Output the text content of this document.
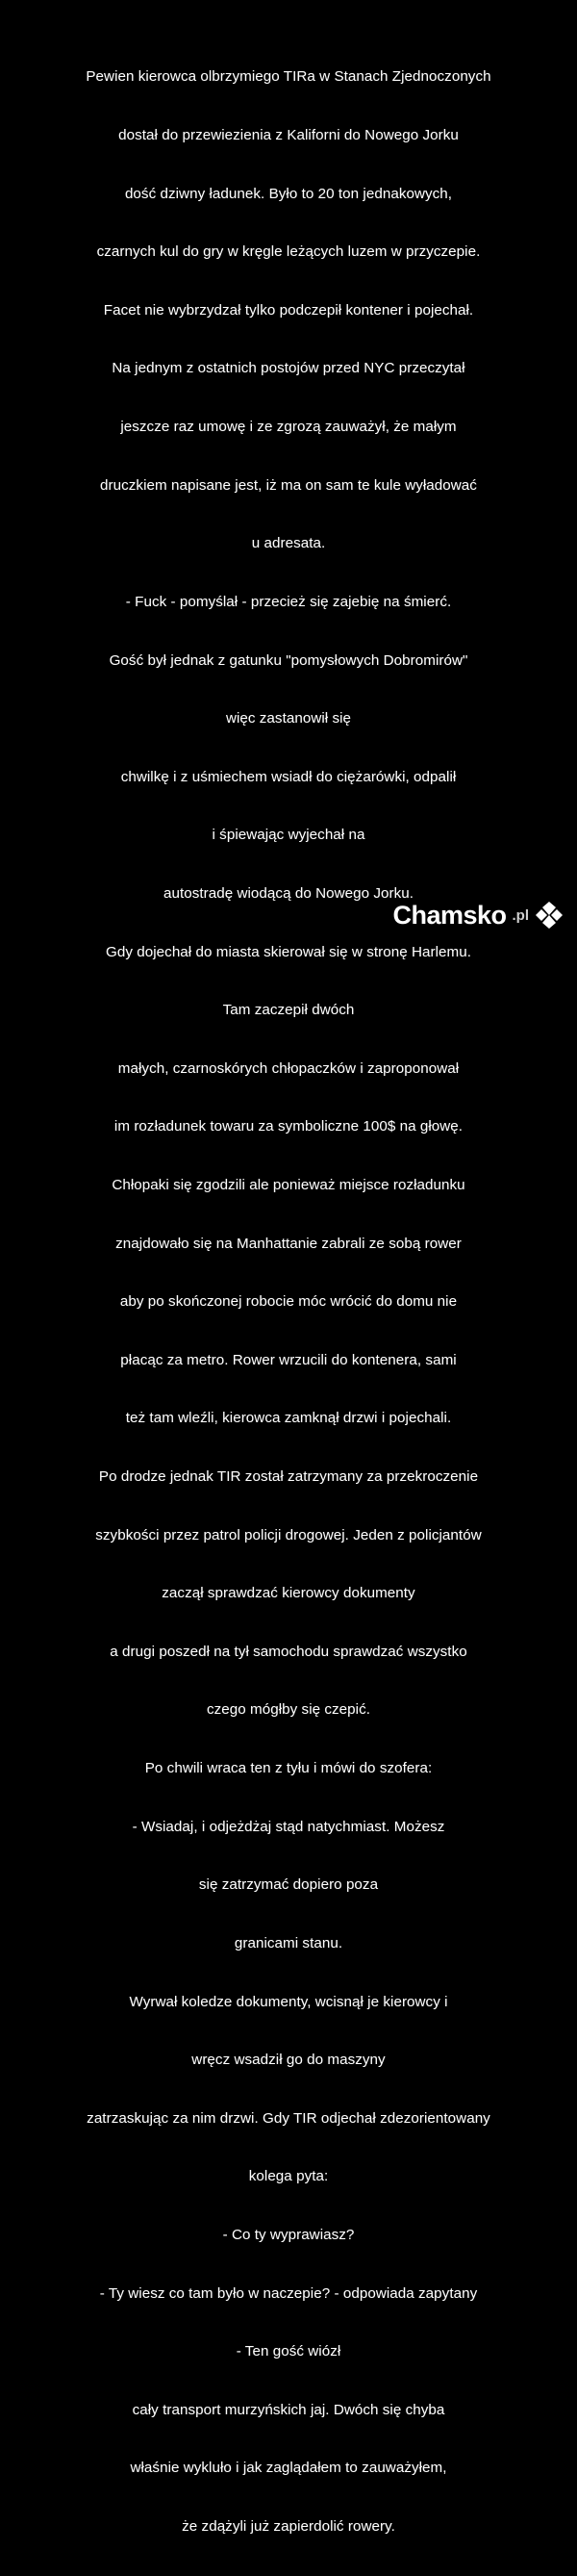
Pewien kierowca olbrzymiego TIRa w Stanach Zjednoczonych

dostał do przewiezienia z Kaliforni do Nowego Jorku

dość dziwny ładunek. Było to 20 ton jednakowych,

czarnych kul do gry w kręgle leżących luzem w przyczepie.

Facet nie wybrzydzał tylko podczepił kontener i pojechał.

Na jednym z ostatnich postojów przed NYC przeczytał

jeszcze raz umowę i ze zgrozą zauważył, że małym

druczkiem napisane jest, iż ma on sam te kule wyładować

u adresata.

- Fuck - pomyślał - przecież się zajebię na śmierć.

Gość był jednak z gatunku "pomysłowych Dobromirów"

więc zastanowił się

chwilkę i z uśmiechem wsiadł do ciężarówki, odpalił

i śpiewając wyjechał na

autostradę wiodącą do Nowego Jorku.

Gdy dojechał do miasta skierował się w stronę Harlemu.

Tam zaczepił dwóch

małych, czarnoskórych chłopaczków i zaproponował

im rozładunek towaru za symboliczne 100$ na głowę.

Chłopaki się zgodzili ale ponieważ miejsce rozładunku

znajdowało się na Manhattanie zabrali ze sobą rower

aby po skończonej robocie móc wrócić do domu nie

płacąc za metro. Rower wrzucili do kontenera, sami

też tam wleźli, kierowca zamknął drzwi i pojechali.

Po drodze jednak TIR został zatrzymany za przekroczenie

szybkości przez patrol policji drogowej. Jeden z policjantów

zaczął sprawdzać kierowcy dokumenty

a drugi poszedł na tył samochodu sprawdzać wszystko

czego mógłby się czepić.

Po chwili wraca ten z tyłu i mówi do szofera:

- Wsiadaj, i odjeżdżaj stąd natychmiast. Możesz

się zatrzymać dopiero poza

granicami stanu.

Wyrwał koledze dokumenty, wcisnął je kierowcy i

wręcz wsadził go do maszyny

zatrzaskując za nim drzwi. Gdy TIR odjechał zdezorientowany

kolega pyta:

- Co ty wyprawiasz?

- Ty wiesz co tam było w naczepie? - odpowiada zapytany

- Ten gość wiózł

cały transport murzyńskich jaj. Dwóch się chyba

właśnie wykluło i jak zaglądałem to zauważyłem,

że zdążyli już zapierdolić rowery.

Chamsko .pl
